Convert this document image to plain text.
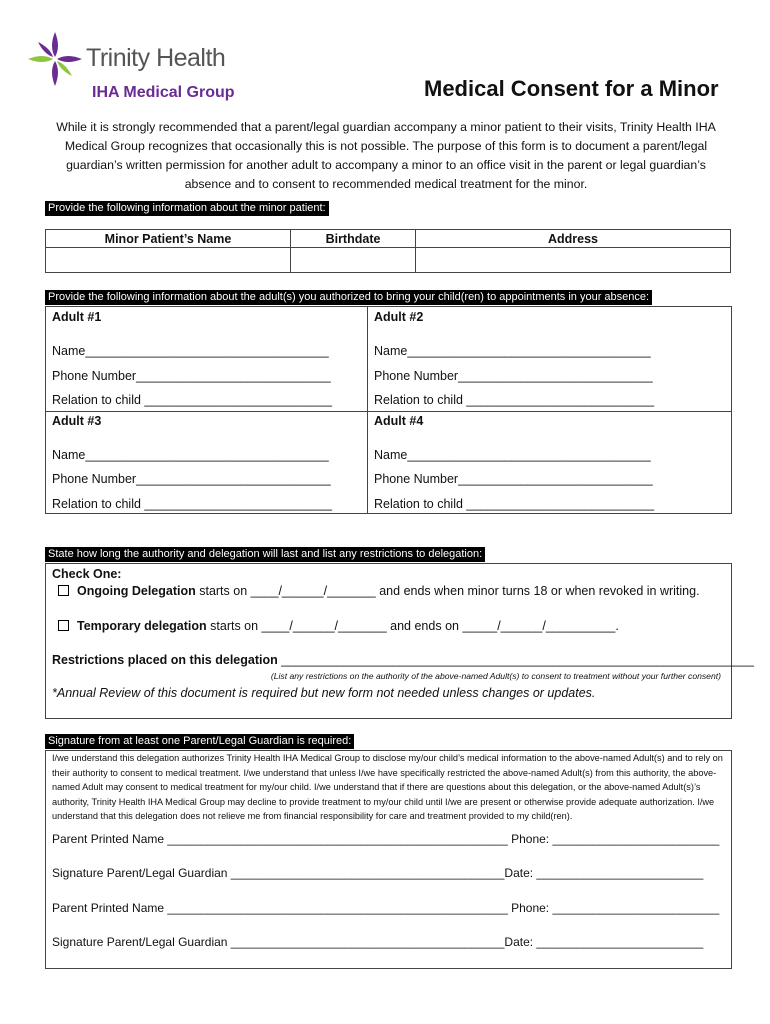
Trinity Health
IHA Medical Group	Medical Consent for a Minor
While it is strongly recommended that a parent/legal guardian accompany a minor patient to their visits, Trinity Health IHA Medical Group recognizes that occasionally this is not possible. The purpose of this form is to document a parent/legal guardian’s written permission for another adult to accompany a minor to an office visit in the parent or legal guardian’s absence and to consent to recommended medical treatment for the minor.
Provide the following information about the minor patient:
Minor Patient’s Name	Birthdate	Address

Provide the following information about the adult(s) you authorized to bring your child(ren) to appointments in your absence:
Adult #1
Name___________________________________
Phone Number____________________________
Relation to child ___________________________
Adult #2
Name___________________________________
Phone Number____________________________
Relation to child ___________________________
Adult #3
Name___________________________________
Phone Number____________________________
Relation to child ___________________________
Adult #4
Name___________________________________
Phone Number____________________________
Relation to child ___________________________
State how long the authority and delegation will last and list any restrictions to delegation:
Check One:
Ongoing Delegation starts on ____/______/_______ and ends when minor turns 18 or when revoked in writing.
Temporary delegation starts on ____/______/_______ and ends on _____/______/__________.
Restrictions placed on this delegation ____________________________________________________________________
(List any restrictions on the authority of the above-named Adult(s) to consent to treatment without your further consent)
*Annual Review of this document is required but new form not needed unless changes or updates.
Signature from at least one Parent/Legal Guardian is required:
I/we understand this delegation authorizes Trinity Health IHA Medical Group to disclose my/our child’s medical information to the above-named Adult(s) and to rely on their authority to consent to medical treatment. I/we understand that unless I/we have specifically restricted the above-named Adult(s) from this authority, the above-named Adult may consent to medical treatment for my/our child. I/we understand that if there are questions about this delegation, or the above-named Adult(s)’s authority, Trinity Health IHA Medical Group may decline to provide treatment to my/our child until I/we are present or otherwise provide adequate authorization. I/we understand that this delegation does not relieve me from financial responsibility for care and treatment provided to my child(ren).
Parent Printed Name ___________________________________________________ Phone: _________________________
Signature Parent/Legal Guardian _________________________________________Date: _________________________
Parent Printed Name ___________________________________________________ Phone: _________________________
Signature Parent/Legal Guardian _________________________________________Date: _________________________
